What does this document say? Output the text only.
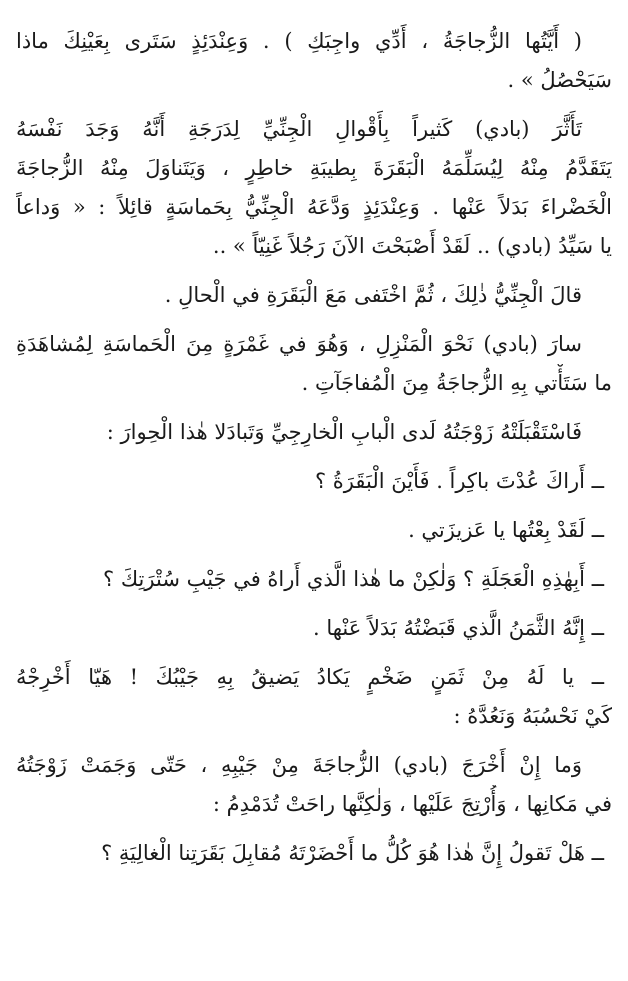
( أَيَّتُها الزُّجاجَةُ ، أَدِّي واجِبَكِ ) . وَعِنْدَئِذٍ سَتَرى بِعَيْنِكَ ماذا
سَيَحْصُلُ » .
تَأَثَّرَ (بادي) كَثيراً بِأَقْوالِ الْجِنِّيِّ لِدَرَجَةِ أَنَّهُ وَجَدَ نَفْسَهُ
يَتَقَدَّمُ مِنْهُ لِيُسَلِّمَهُ الْبَقَرَةَ بِطيبَةِ خاطِرٍ ، وَيَتَناوَلَ مِنْهُ الزُّجاجَةَ
الْخَضْراءَ بَدَلاً عَنْها . وَعِنْدَئِذٍ وَدَّعَهُ الْجِنِّيُّ بِحَماسَةٍ قائِلاً : « وَداعاً
يا سَيِّدُ (بادي) .. لَقَدْ أَصْبَحْتَ الآنَ رَجُلاً غَنِيّاً » ..
قالَ الْجِنِّيُّ ذٰلِكَ ، ثُمَّ اخْتَفى مَعَ الْبَقَرَةِ في الْحالِ .
سارَ (بادي) نَحْوَ الْمَنْزِلِ ، وَهُوَ في غَمْرَةٍ مِنَ الْحَماسَةِ لِمُشاهَدَةِ
ما سَتَأْتي بِهِ الزُّجاجَةُ مِنَ الْمُفاجَآتِ .
فَاسْتَقْبَلَتْهُ زَوْجَتُهُ لَدى الْبابِ الْخارِجِيِّ وَتَبادَلا هٰذا الْحِوارَ :
ــ أَراكَ عُدْتَ باكِراً . فَأَيْنَ الْبَقَرَةُ ؟
ــ لَقَدْ بِعْتُها يا عَزيزَتي .
ــ أَبِهٰذِهِ الْعَجَلَةِ ؟ وَلٰكِنْ ما هٰذا الَّذي أَراهُ في جَيْبِ سُتْرَتِكَ ؟
ــ إِنَّهُ الثَّمَنُ الَّذي قَبَضْتُهُ بَدَلاً عَنْها .
ــ يا لَهُ مِنْ ثَمَنٍ ضَخْمٍ يَكادُ يَضيقُ بِهِ جَيْبُكَ ! هَيّا أَخْرِجْهُ
كَيْ نَحْسُبَهُ وَنَعُدَّهُ :
وَما إِنْ أَخْرَجَ (بادي) الزُّجاجَةَ مِنْ جَيْبِهِ ، حَتّى وَجَمَتْ زَوْجَتُهُ
في مَكانِها ، وَأُرْتِجَ عَلَيْها ، وَلٰكِنَّها راحَتْ تُدَمْدِمُ :
ــ هَلْ تَقولُ إِنَّ هٰذا هُوَ كُلُّ ما أَحْضَرْتَهُ مُقابِلَ بَقَرَتِنا الْغالِيَةِ ؟
